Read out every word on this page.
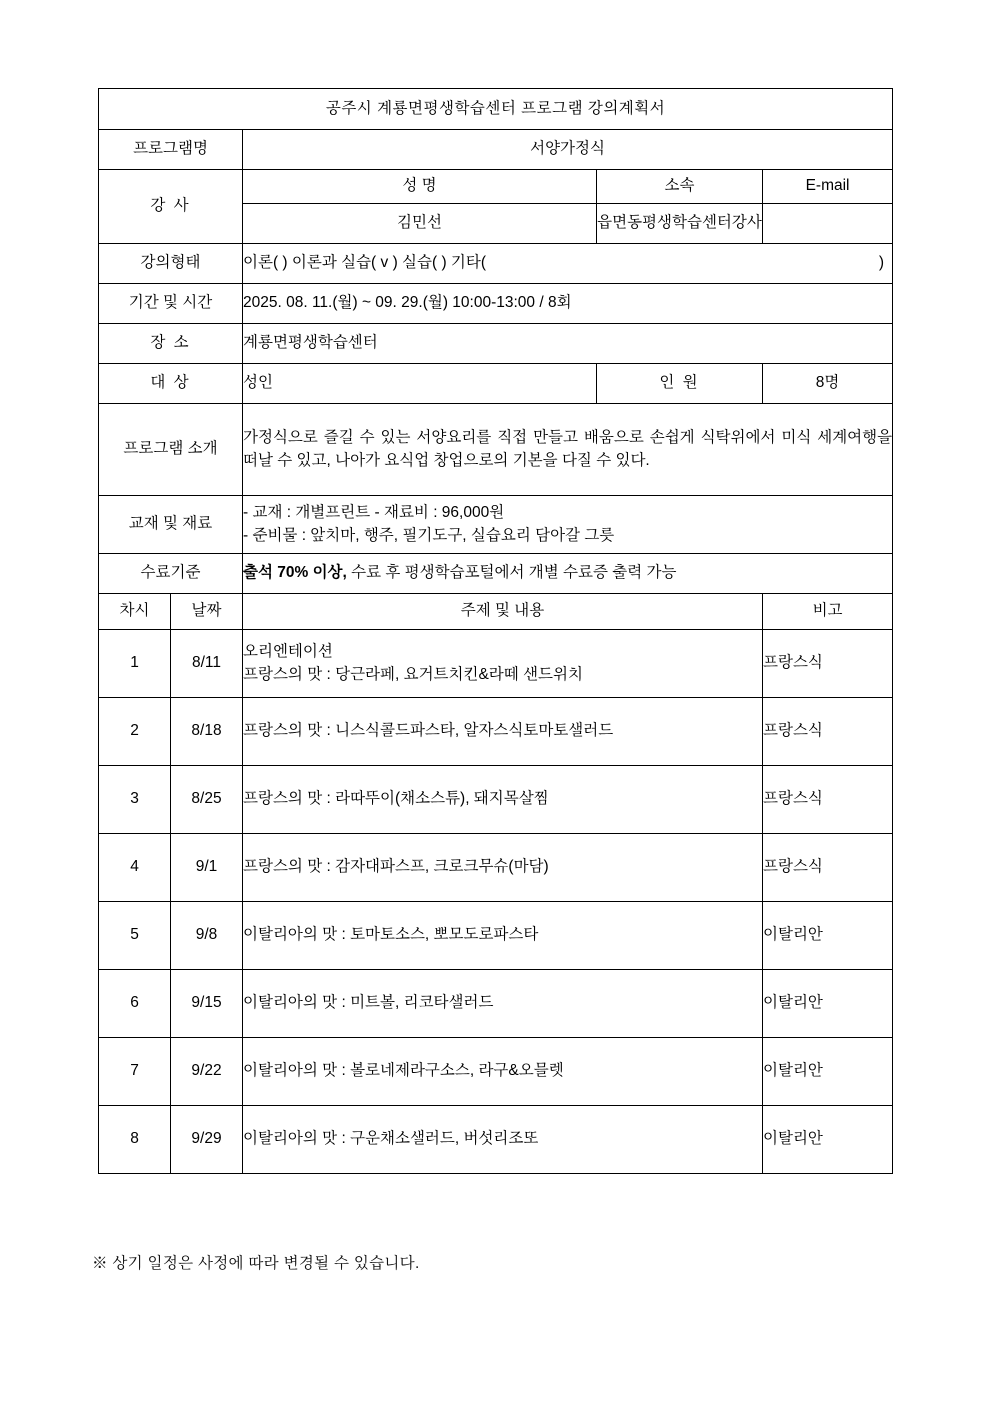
공주시 계룡면평생학습센터 프로그램 강의계획서				
프로그램명		서양가정식		
강 사		성 명	소속	E-mail
		김민선	읍면동평생학습센터강사	
강의형태		이론( ) 이론과 실습( v ) 실습( ) 기타( )		

기간 및 시간		2025. 08. 11.(월) ~ 09. 29.(월) 10:00-13:00 / 8회		
장 소		계룡면평생학습센터		
대 상		성인	인 원	8명
프로그램 소개		가정식으로 즐길 수 있는 서양요리를 직접 만들고 배움으로 손쉽게 식탁위에서 미식 세계여행을 떠날 수 있고, 나아가 요식업 창업으로의 기본을 다질 수 있다.		
교재 및 재료		- 교재 : 개별프린트 - 재료비 : 96,000원
- 준비물 : 앞치마, 행주, 필기도구, 실습요리 담아갈 그릇		

수료기준		출석 70% 이상, 수료 후 평생학습포털에서 개별 수료증 출력 가능		
차시	날짜	주제 및 내용		비고
1	8/11	오리엔테이션
프랑스의 맛 : 당근라페, 요거트치킨&라떼 샌드위치		프랑스식
2	8/18	프랑스의 맛 : 니스식콜드파스타, 알자스식토마토샐러드		프랑스식
3	8/25	프랑스의 맛 : 라따뚜이(채소스튜), 돼지목살찜		프랑스식
4	9/1	프랑스의 맛 : 감자대파스프, 크로크무슈(마담)		프랑스식
5	9/8	이탈리아의 맛 : 토마토소스, 뽀모도로파스타		이탈리안
6	9/15	이탈리아의 맛 : 미트볼, 리코타샐러드		이탈리안
7	9/22	이탈리아의 맛 : 볼로네제라구소스, 라구&오믈렛		이탈리안
8	9/29	이탈리아의 맛 : 구운채소샐러드, 버섯리조또		이탈리안
※ 상기 일정은 사정에 따라 변경될 수 있습니다.
